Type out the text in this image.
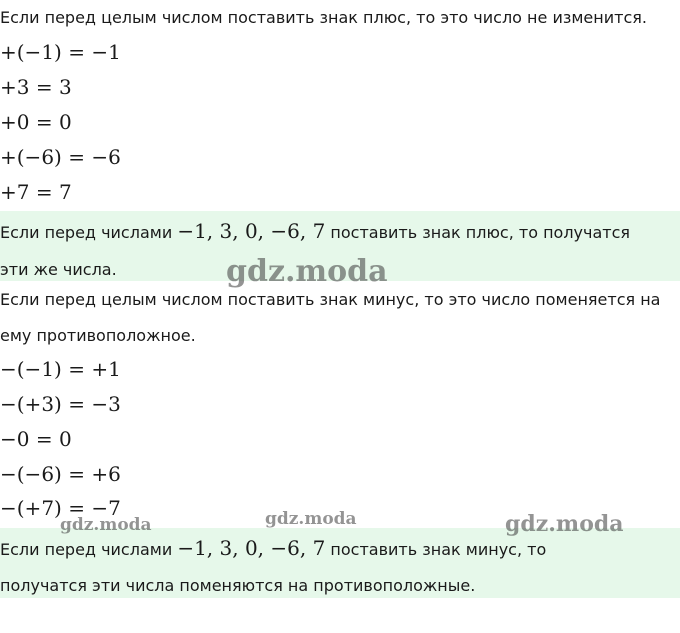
Если перед целым числом поставить знак плюс, то это число не изменится.
+(−1) = −1
+3 = 3
+0 = 0
+(−6) = −6
+7 = 7
Если перед числами −1, 3, 0, −6, 7 поставить знак плюс, то получатся
эти же числа.
Если перед целым числом поставить знак минус, то это число поменяется на
ему противоположное.
−(−1) = +1
−(+3) = −3
−0 = 0
−(−6) = +6
−(+7) = −7
Если перед числами −1, 3, 0, −6, 7 поставить знак минус, то
получатся эти числа поменяются на противоположные.
gdz.moda
gdz.moda	gdz.moda	gdz.moda
